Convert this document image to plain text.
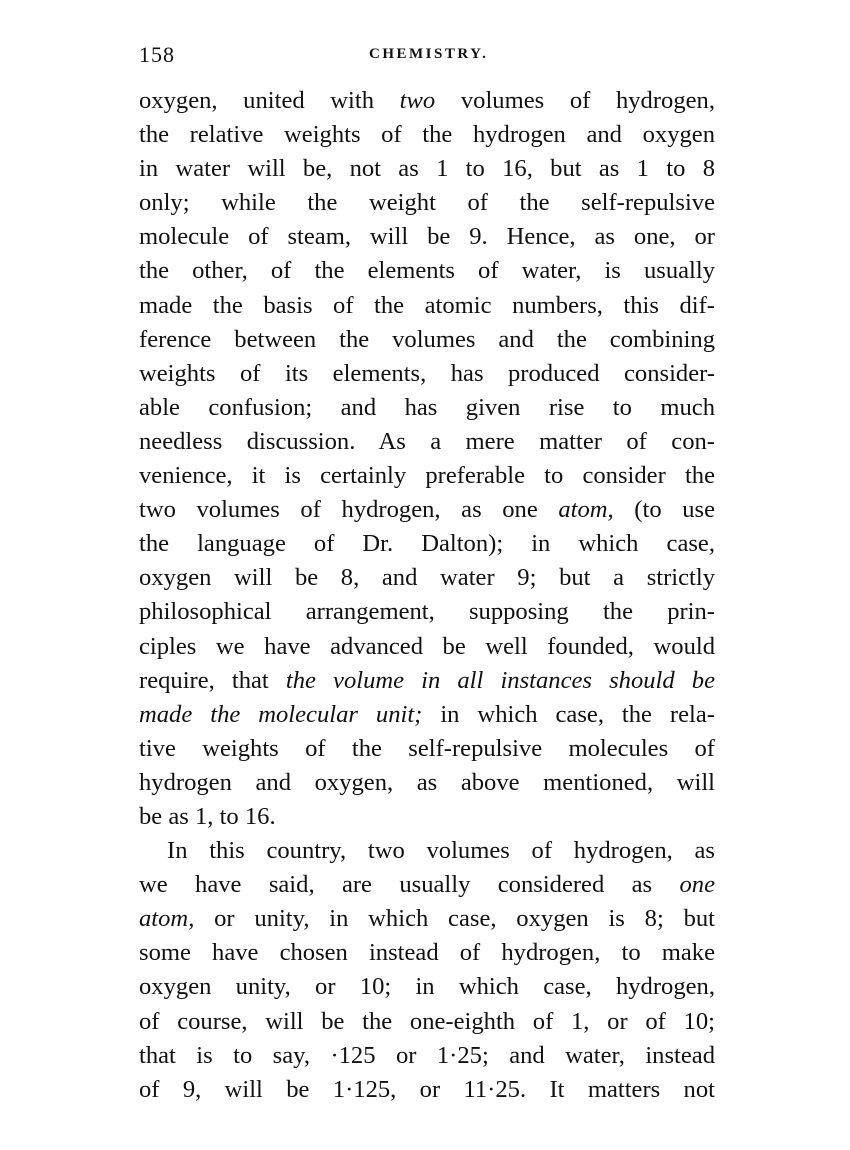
158	CHEMISTRY.
oxygen, united with two volumes of hydrogen,
the relative weights of the hydrogen and oxygen
in water will be, not as 1 to 16, but as 1 to 8
only; while the weight of the self-repulsive
molecule of steam, will be 9. Hence, as one, or
the other, of the elements of water, is usually
made the basis of the atomic numbers, this dif-
ference between the volumes and the combining
weights of its elements, has produced consider-
able confusion; and has given rise to much
needless discussion. As a mere matter of con-
venience, it is certainly preferable to consider the
two volumes of hydrogen, as one atom, (to use
the language of Dr. Dalton); in which case,
oxygen will be 8, and water 9; but a strictly
philosophical arrangement, supposing the prin-
ciples we have advanced be well founded, would
require, that the volume in all instances should be
made the molecular unit; in which case, the rela-
tive weights of the self-repulsive molecules of
hydrogen and oxygen, as above mentioned, will
be as 1, to 16.
In this country, two volumes of hydrogen, as
we have said, are usually considered as one
atom, or unity, in which case, oxygen is 8; but
some have chosen instead of hydrogen, to make
oxygen unity, or 10; in which case, hydrogen,
of course, will be the one-eighth of 1, or of 10;
that is to say, ·125 or 1·25; and water, instead
of 9, will be 1·125, or 11·25. It matters not
